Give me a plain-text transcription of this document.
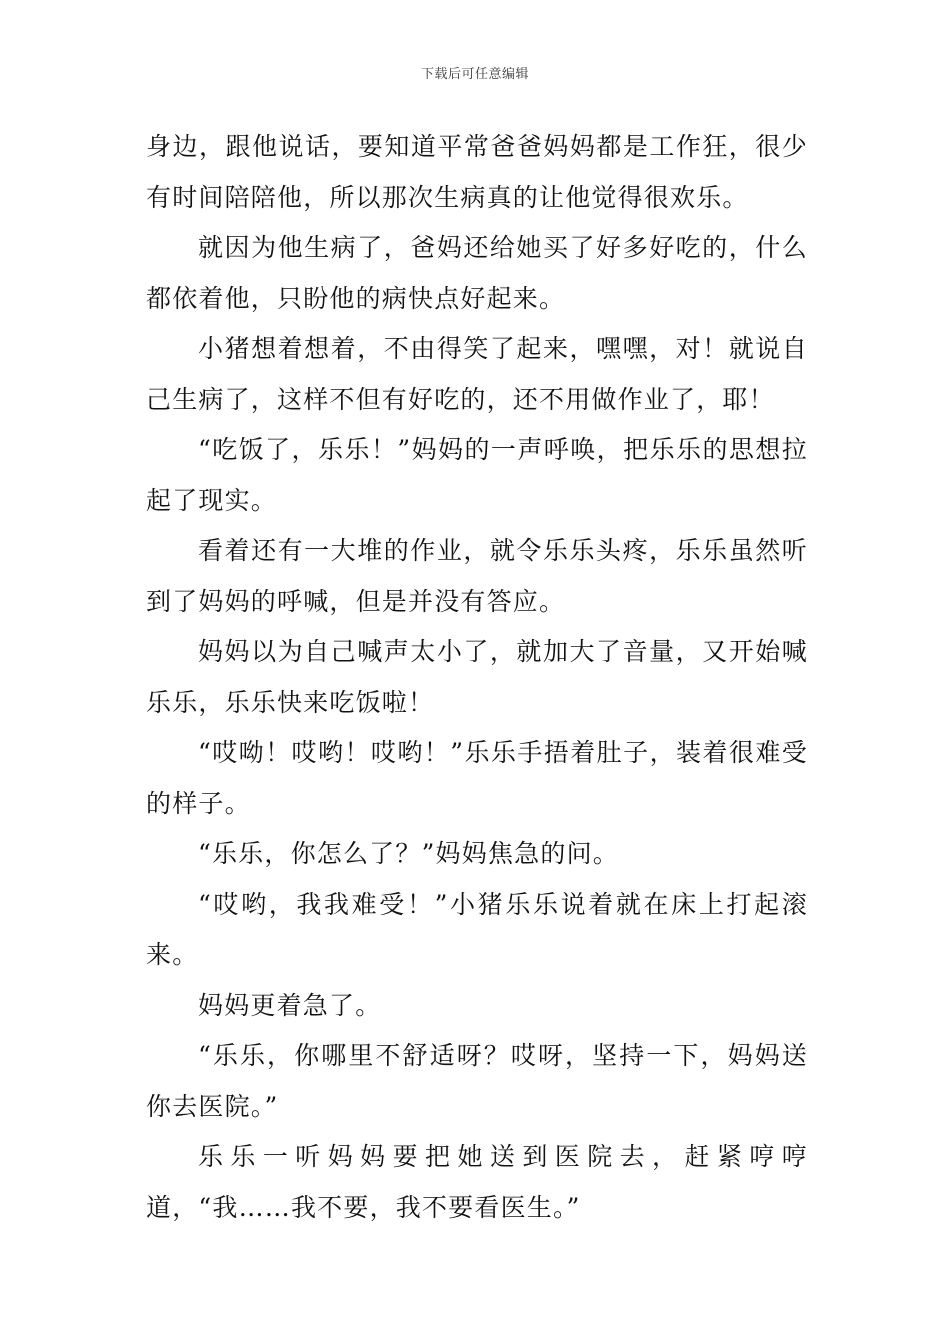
下载后可任意编辑

身边，跟他说话，要知道平常爸爸妈妈都是工作狂，很少有时间陪陪他，所以那次生病真的让他觉得很欢乐。

就因为他生病了，爸妈还给她买了好多好吃的，什么都依着他，只盼他的病快点好起来。

小猪想着想着，不由得笑了起来，嘿嘿，对！就说自己生病了，这样不但有好吃的，还不用做作业了，耶！

“吃饭了，乐乐！”妈妈的一声呼唤，把乐乐的思想拉起了现实。

看着还有一大堆的作业，就令乐乐头疼，乐乐虽然听到了妈妈的呼喊，但是并没有答应。

妈妈以为自己喊声太小了，就加大了音量，又开始喊乐乐，乐乐快来吃饭啦！

“哎呦！哎哟！哎哟！”乐乐手捂着肚子，装着很难受的样子。

“乐乐，你怎么了？”妈妈焦急的问。

“哎哟，我我难受！”小猪乐乐说着就在床上打起滚来。

妈妈更着急了。

“乐乐，你哪里不舒适呀？哎呀，坚持一下，妈妈送你去医院。”

乐乐一听妈妈要把她送到医院去，赶紧哼哼道，“我……我不要，我不要看医生。”
